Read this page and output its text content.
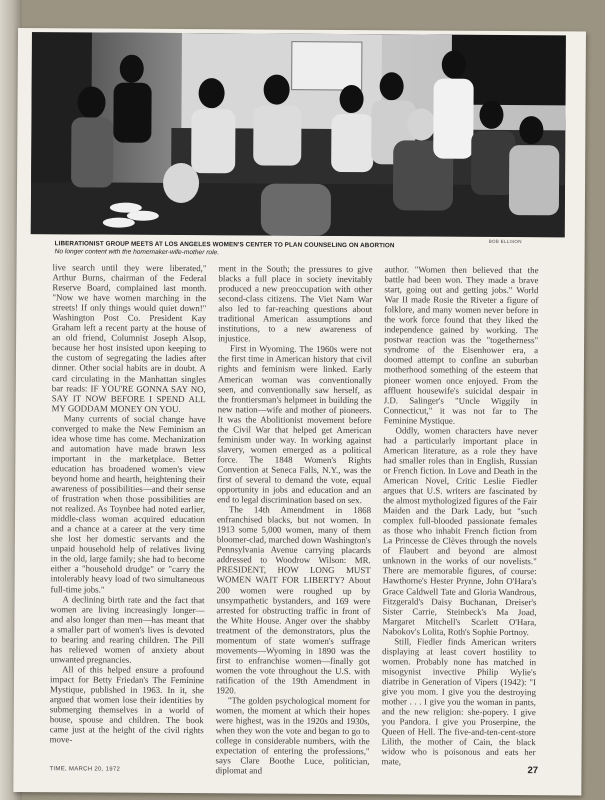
BOB ELLISON
LIBERATIONIST GROUP MEETS AT LOS ANGELES WOMEN'S CENTER TO PLAN COUNSELING ON ABORTION
No longer content with the homemaker-wife-mother role.

live search until they were liberated," Arthur Burns, chairman of the Federal Reserve Board, complained last month. "Now we have women marching in the streets! If only things would quiet down!" Washington Post Co. President Kay Graham left a recent party at the house of an old friend, Columnist Joseph Alsop, because her host insisted upon keeping to the custom of segregating the ladies after dinner. Other social habits are in doubt. A card circulating in the Manhattan singles bar reads: IF YOU'RE GONNA SAY NO, SAY IT NOW BEFORE I SPEND ALL MY GODDAM MONEY ON YOU.

Many currents of social change have converged to make the New Feminism an idea whose time has come. Mechanization and automation have made brawn less important in the marketplace. Better education has broadened women's view beyond home and hearth, heightening their awareness of possibilities—and their sense of frustration when those possibilities are not realized. As Toynbee had noted earlier, middle-class woman acquired education and a chance at a career at the very time she lost her domestic servants and the unpaid household help of relatives living in the old, large family; she had to become either a "household drudge" or "carry the intolerably heavy load of two simultaneous full-time jobs."

A declining birth rate and the fact that women are living increasingly longer—and also longer than men—has meant that a smaller part of women's lives is devoted to bearing and rearing children. The Pill has relieved women of anxiety about unwanted pregnancies.

All of this helped ensure a profound impact for Betty Friedan's The Feminine Mystique, published in 1963. In it, she argued that women lose their identities by submerging themselves in a world of house, spouse and children. The book came just at the height of the civil rights move-

ment in the South; the pressures to give blacks a full place in society inevitably produced a new preoccupation with other second-class citizens. The Viet Nam War also led to far-reaching questions about traditional American assumptions and institutions, to a new awareness of injustice.

First in Wyoming. The 1960s were not the first time in American history that civil rights and feminism were linked. Early American woman was conventionally seen, and conventionally saw herself, as the frontiersman's helpmeet in building the new nation—wife and mother of pioneers. It was the Abolitionist movement before the Civil War that helped get American feminism under way. In working against slavery, women emerged as a political force. The 1848 Women's Rights Convention at Seneca Falls, N.Y., was the first of several to demand the vote, equal opportunity in jobs and education and an end to legal discrimination based on sex.

The 14th Amendment in 1868 enfranchised blacks, but not women. In 1913 some 5,000 women, many of them bloomer-clad, marched down Washington's Pennsylvania Avenue carrying placards addressed to Woodrow Wilson: MR. PRESIDENT, HOW LONG MUST WOMEN WAIT FOR LIBERTY? About 200 women were roughed up by unsympathetic bystanders, and 169 were arrested for obstructing traffic in front of the White House. Anger over the shabby treatment of the demonstrators, plus the momentum of state women's suffrage movements—Wyoming in 1890 was the first to enfranchise women—finally got women the vote throughout the U.S. with ratification of the 19th Amendment in 1920.

"The golden psychological moment for women, the moment at which their hopes were highest, was in the 1920s and 1930s, when they won the vote and began to go to college in considerable numbers, with the expectation of entering the professions," says Clare Boothe Luce, politician, diplomat and

author. "Women then believed that the battle had been won. They made a brave start, going out and getting jobs." World War II made Rosie the Riveter a figure of folklore, and many women never before in the work force found that they liked the independence gained by working. The postwar reaction was the "togetherness" syndrome of the Eisenhower era, a doomed attempt to confine an suburban motherhood something of the esteem that pioneer women once enjoyed. From the affluent housewife's suicidal despair in J.D. Salinger's "Uncle Wiggily in Connecticut," it was not far to The Feminine Mystique.

Oddly, women characters have never had a particularly important place in American literature, as a role they have had smaller roles than in English, Russian or French fiction. In Love and Death in the American Novel, Critic Leslie Fiedler argues that U.S. writers are fascinated by the almost mythologized figures of the Fair Maiden and the Dark Lady, but "such complex full-blooded passionate females as those who inhabit French fiction from La Princesse de Clèves through the novels of Flaubert and beyond are almost unknown in the works of our novelists." There are memorable figures, of course: Hawthorne's Hester Prynne, John O'Hara's Grace Caldwell Tate and Gloria Wandrous, Fitzgerald's Daisy Buchanan, Dreiser's Sister Carrie, Steinbeck's Ma Joad, Margaret Mitchell's Scarlett O'Hara, Nabokov's Lolita, Roth's Sophie Portnoy.

Still, Fiedler finds American writers displaying at least covert hostility to women. Probably none has matched in misogynist invective Philip Wylie's diatribe in Generation of Vipers (1942): "I give you mom. I give you the destroying mother . . . I give you the woman in pants, and the new religion: she-popery. I give you Pandora. I give you Proserpine, the Queen of Hell. The five-and-ten-cent-store Lilith, the mother of Cain, the black widow who is poisonous and eats her mate,

TIME, MARCH 20, 1972	27
